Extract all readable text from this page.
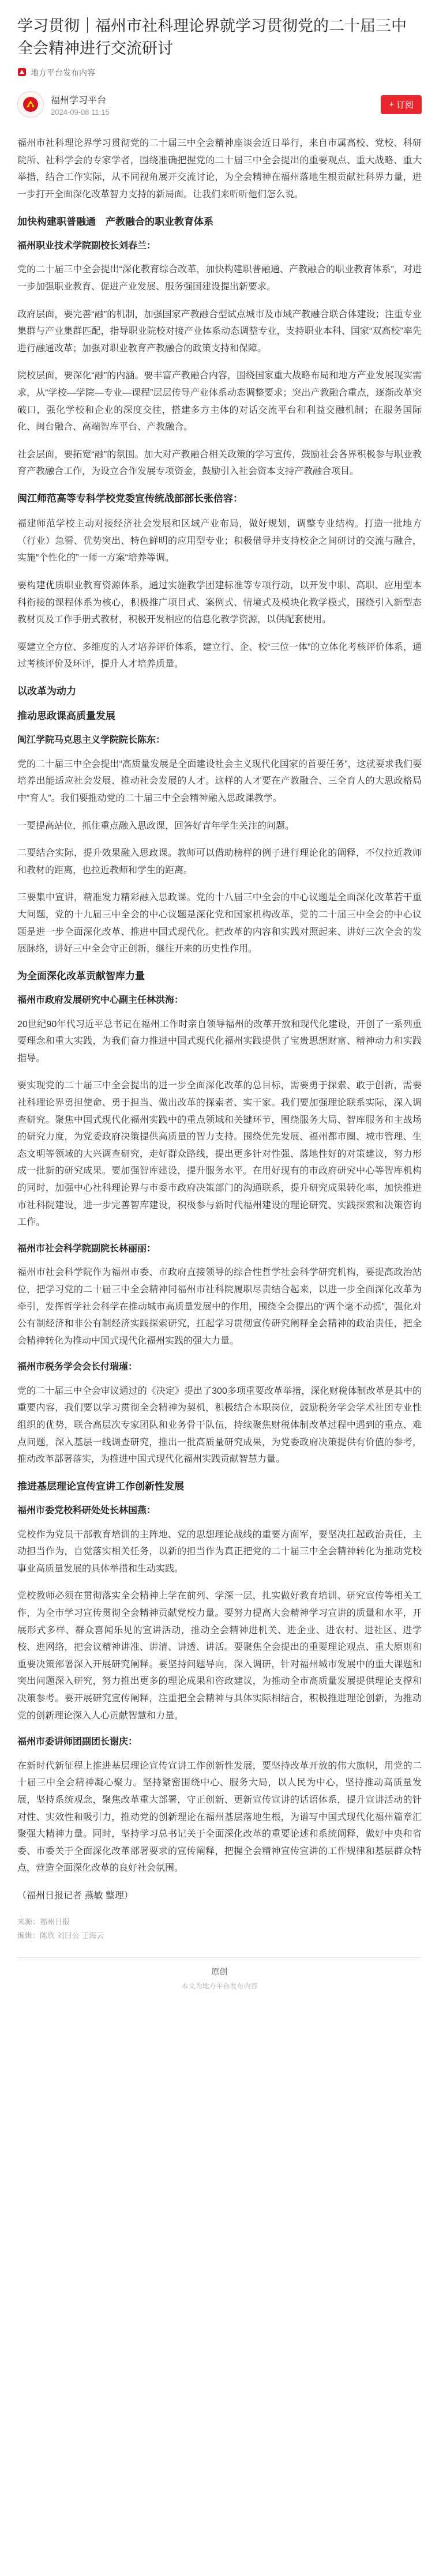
学习贯彻｜福州市社科理论界就学习贯彻党的二十届三中全会精神进行交流研讨
地方平台发布内容
福州学习平台
2024-09-08 11:15
+ 订阅

福州市社科理论界学习贯彻党的二十届三中全会精神座谈会近日举行，来自市属高校、党校、科研院所、社科学会的专家学者，围绕准确把握党的二十届三中全会提出的重要观点、重大战略、重大举措，结合工作实际，从不同视角展开交流讨论，为全会精神在福州落地生根贡献社科界力量，进一步打开全面深化改革智力支持的新局面。让我们来听听他们怎么说。

加快构建职普融通　产教融合的职业教育体系
福州职业技术学院副校长刘春兰：

党的二十届三中全会提出“深化教育综合改革，加快构建职普融通、产教融合的职业教育体系”，对进一步加强职业教育、促进产业发展、服务强国建设提出新要求。

政府层面，要完善“融”的机制，加强国家产教融合型试点城市及市域产教融合联合体建设；注重专业集群与产业集群匹配，指导职业院校对接产业体系动态调整专业，支持职业本科、国家“双高校”率先进行融通改革；加强对职业教育产教融合的政策支持和保障。

院校层面，要深化“融”的内涵。要丰富产教融合内容，围绕国家重大战略布局和地方产业发展现实需求，从“学校—学院—专业—课程”层层传导产业体系动态调整要求；突出产教融合重点，逐渐改革突破口，强化学校和企业的深度交往，搭建多方主体的对话交流平台和利益交融机制；在服务国际化、闽台融合、高端智库平台、产教融合。

社会层面，要拓宽“融”的氛围。加大对产教融合相关政策的学习宣传，鼓励社会各界积极参与职业教育产教融合工作，为设立合作发展专项资金，鼓励引入社会资本支持产教融合项目。

闽江师范高等专科学校党委宣传统战部部长张倍容：

福建师范学校主动对接经济社会发展和区域产业布局，做好规划，调整专业结构。打造一批地方（行业）急需、优势突出、特色鲜明的应用型专业；积极借导并支持校企之间研讨的交流与融合，实施“个性化的”一师一方案“培养等调。

要构建优质职业教育资源体系，通过实施教学团建标准等专项行动，以开发中职、高职、应用型本科衔接的课程体系为核心，积极推广项目式、案例式、情境式及模块化教学模式，围绕引入新型态教材页及工作手册式教材，积极开发相应的信息化教学资源，以供配套使用。

要建立全方位、多维度的人才培养评价体系，建立行、企、校“三位一体”的立体化考核评价体系，通过考核评价及环评，提升人才培养质量。

以改革为动力
推动思政课高质量发展
闽江学院马克思主义学院院长陈东：

党的二十届三中全会提出“高质量发展是全面建设社会主义现代化国家的首要任务”，这就要求我们要培养出能适应社会发展、推动社会发展的人才。这样的人才要在产教融合、三全育人的大思政格局中“育人”。我们要推动党的二十届三中全会精神融入思政课教学。

一要提高站位，抓住重点融入思政课，回答好青年学生关注的问题。

二要结合实际，提升效果融入思政课。教师可以借助榜样的例子进行理论化的阐释，不仅拉近教师和教材的距离，也拉近教师和学生的距离。

三要集中宣讲，精准发力精彩融入思政课。党的十八届三中全会的中心议题是全面深化改革若干重大问题，党的十九届三中全会的中心议题是深化党和国家机构改革，党的二十届三中全会的中心议题是进一步全面深化改革、推进中国式现代化。把改革的内容和实践对照起来、讲好三次全会的发展脉络，讲好三中全会守正创新，继往开来的历史性作用。

为全面深化改革贡献智库力量
福州市政府发展研究中心副主任林洪海：

20世纪90年代习近平总书记在福州工作时亲自领导福州的改革开放和现代化建设，开创了一系列重要理念和重大实践，为我们奋力推进中国式现代化福州实践提供了宝贵思想财富、精神动力和实践指导。

要实现党的二十届三中全会提出的进一步全面深化改革的总目标，需要勇于探索、敢于创新，需要社科理论界勇担使命、勇于担当、做出改革的探索者、实干家。我们要加强理论联系实际，深入调查研究。聚焦中国式现代化福州实践中的重点领域和关键环节，围绕服务大局、智库服务和主战场的研究力度，为党委政府决策提供高质量的智力支持。围绕优先发展、福州都市圈、城市管理、生态文明等领域的大兴调查研究，走好群众路线，提出更多针对性强、落地性好的对策建议，努力形成一批新的研究成果。要加强智库建设，提升服务水平。在用好现有的市政府研究中心等智库机构的同时，加强中心社科理论界与市委市政府决策部门的沟通联系，提升研究成果转化率，加快推进市社科院建设，进一步完善智库建设，积极参与新时代福州建设的理论研究、实践探索和决策咨询工作。

福州市社会科学院副院长林丽丽：

福州市社会科学院作为福州市委、市政府直接领导的综合性哲学社会科学研究机构，要提高政治站位，把学习党的二十届三中全会精神同福州市社科院履职尽责结合起来，以进一步全面深化改革为牵引，发挥哲学社会科学在推动城市高质量发展中的作用，围绕全会提出的“两个毫不动摇”，强化对公有制经济和非公有制经济实践探索研究，扛起学习贯彻宣传研究阐释全会精神的政治责任，把全会精神转化为推动中国式现代化福州实践的强大力量。

福州市税务学会会长付瑞瑾：

党的二十届三中全会审议通过的《决定》提出了300多项重要改革举措，深化财税体制改革是其中的重要内容，我们要以学习贯彻全会精神为契机，积极结合本职岗位，鼓励税务学会学术社团专业性组织的优势，联合高层次专家团队和业务骨干队伍，持续聚焦财税体制改革过程中遇到的重点、难点问题，深入基层一线调查研究，推出一批高质量研究成果，为党委政府决策提供有价值的参考，推动改革部署落实，为推进中国式现代化福州实践贡献智慧力量。

推进基层理论宣传宣讲工作创新性发展
福州市委党校科研处处长林国燕：

党校作为党员干部教育培训的主阵地、党的思想理论战线的重要方面军，要坚决扛起政治责任，主动担当作为，自觉落实相关任务，以新的担当作为真正把党的二十届三中全会精神转化为推动党校事业高质量发展的具体举措和生动实践。

党校教师必须在贯彻落实全会精神上学在前列、学深一层，扎实做好教育培训、研究宣传等相关工作，为全市学习宣传贯彻全会精神贡献党校力量。要努力提高大会精神学习宣讲的质量和水平，开展形式多样、群众喜闻乐见的宣讲活动，推动全会精神进机关、进企业、进农村、进社区、进学校、进网络，把会议精神讲准、讲清、讲透、讲活。要聚焦全会提出的重要理论观点、重大原则和重要决策部署深入开展研究阐释。要坚持问题导向，深入调研，针对福州城市发展中的重大课题和突出问题深入研究，努力推出更多的理论成果和咨政建议，为推动全市高质量发展提供理论支撑和决策参考。要开展研究宣传阐释，注重把全会精神与具体实际相结合，积极推进理论创新，为推动党的创新理论深入人心贡献智慧和力量。

福州市委讲师团副团长谢庆：

在新时代新征程上推进基层理论宣传宣讲工作创新性发展，要坚持改革开放的伟大旗帜，用党的二十届三中全会精神凝心聚力。坚持紧密围绕中心、服务大局，以人民为中心，坚持推动高质量发展，坚持系统观念，聚焦改革重大部署，守正创新、更新宣传宣讲的话语体系，提升宣讲活动的针对性、实效性和吸引力，推动党的创新理论在福州基层落地生根，为谱写中国式现代化福州篇章汇聚强大精神力量。同时，坚持学习总书记关于全面深化改革的重要论述和系统阐释，做好中央和省委、市委关于全面深化改革部署要求的宣传阐释，把握全会精神宣传宣讲的工作规律和基层群众特点，营造全面深化改革的良好社会氛围。

（福州日报记者 燕敏 整理）

来源：福州日报
编辑：陈欣 刘曰公 王海云
原创
本文为地方平台发布内容
